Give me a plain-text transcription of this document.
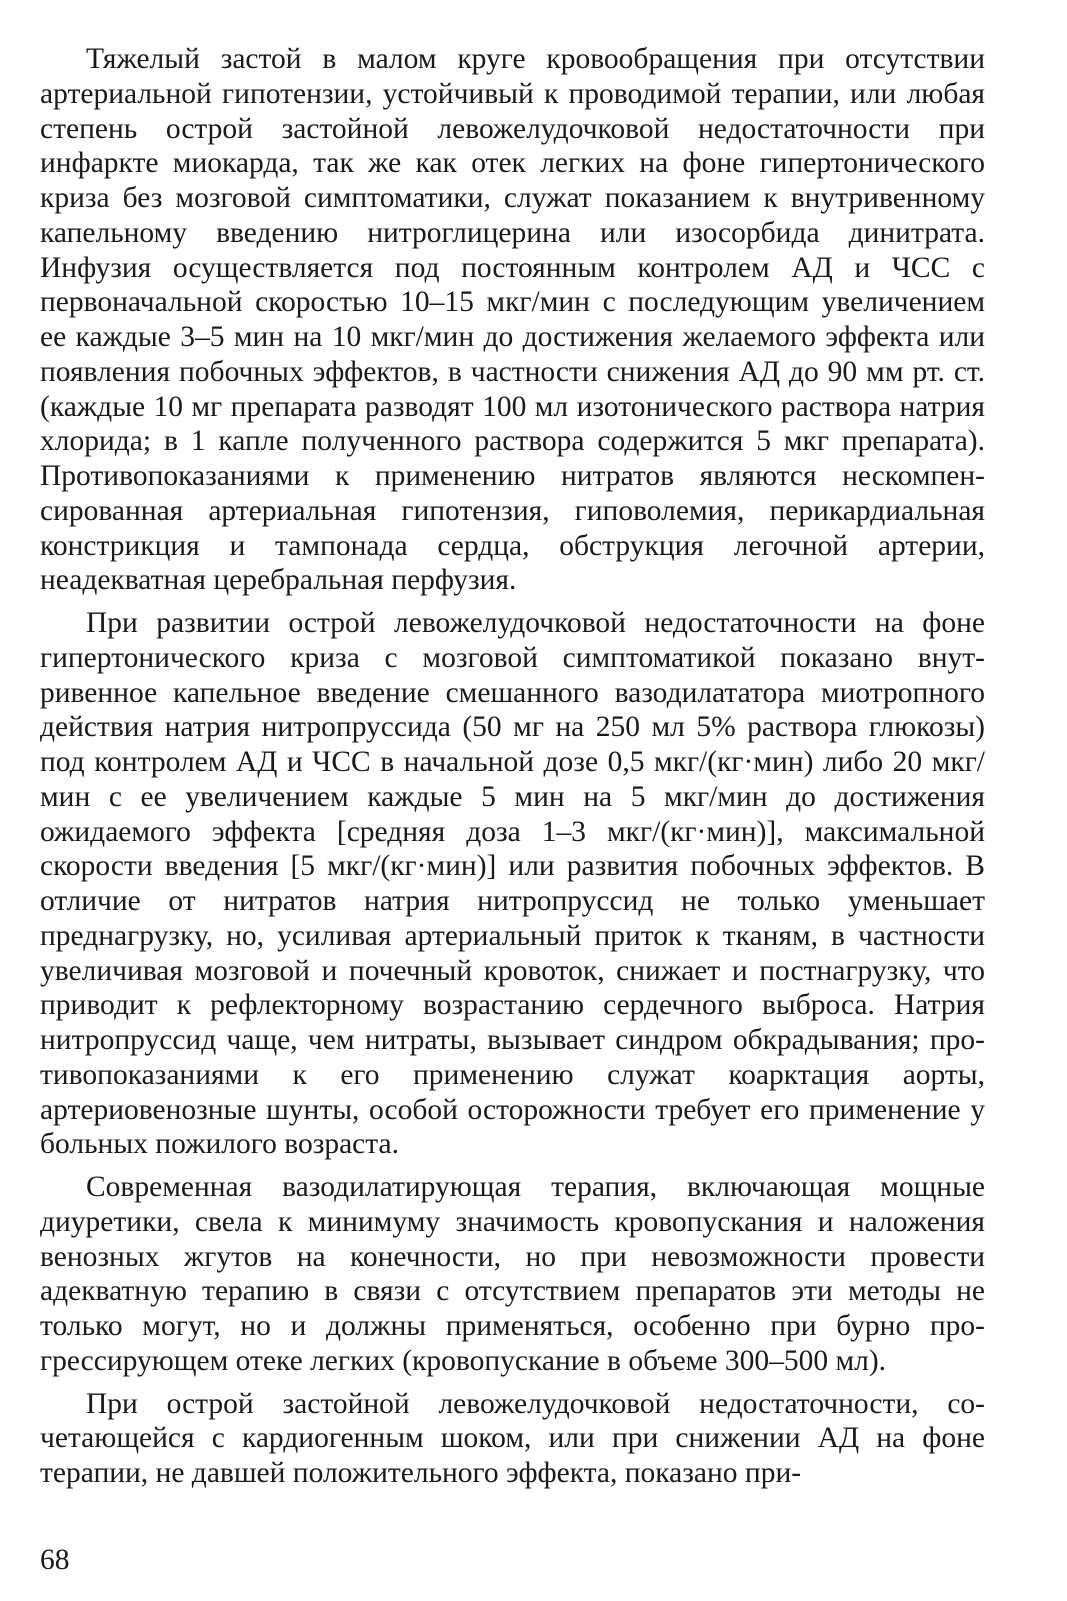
Тяжелый застой в малом круге кровообращения при отсутствии артериальной гипотензии, устойчивый к проводимой терапии, или любая степень острой застойной левожелудочковой недостаточности при инфаркте миокарда, так же как отек легких на фоне гипертонического криза без мозговой симптоматики, служат показанием к внутривенному капельному введению нитроглицерина или изосорбида динитрата. Инфузия осуществляется под постоянным контролем АД и ЧСС с первоначальной скоростью 10–15 мкг/мин с последующим увеличением ее каждые 3–5 мин на 10 мкг/мин до достижения желаемого эффекта или появления побочных эффектов, в частности снижения АД до 90 мм рт. ст. (каждые 10 мг препарата разводят 100 мл изотонического раствора натрия хлорида; в 1 капле полученного раствора содержится 5 мкг препарата). Противопоказаниями к применению нитратов являются нескомпенсированная артериальная гипотензия, гиповолемия, перикардиальная констрикция и тампонада сердца, обструкция легочной артерии, неадекватная церебральная перфузия.

При развитии острой левожелудочковой недостаточности на фоне гипертонического криза с мозговой симптоматикой показано внутривенное капельное введение смешанного вазодилататора миотропного действия натрия нитропруссида (50 мг на 250 мл 5% раствора глюкозы) под контролем АД и ЧСС в начальной дозе 0,5 мкг/(кг·мин) либо 20 мкг/мин с ее увеличением каждые 5 мин на 5 мкг/мин до достижения ожидаемого эффекта [средняя доза 1–3 мкг/(кг·мин)], максимальной скорости введения [5 мкг/(кг·мин)] или развития побочных эффектов. В отличие от нитратов натрия нитропруссид не только уменьшает преднагрузку, но, усиливая артериальный приток к тканям, в частности увеличивая мозговой и почечный кровоток, снижает и постнагрузку, что приводит к рефлекторному возрастанию сердечного выброса. Натрия нитропруссид чаще, чем нитраты, вызывает синдром обкрадывания; противопоказаниями к его применению служат коарктация аорты, артериовенозные шунты, особой осторожности требует его применение у больных пожилого возраста.

Современная вазодилатирующая терапия, включающая мощные диуретики, свела к минимуму значимость кровопускания и наложения венозных жгутов на конечности, но при невозможности провести адекватную терапию в связи с отсутствием препаратов эти методы не только могут, но и должны применяться, особенно при бурно прогрессирующем отеке легких (кровопускание в объеме 300–500 мл).

При острой застойной левожелудочковой недостаточности, сочетающейся с кардиогенным шоком, или при снижении АД на фоне терапии, не давшей положительного эффекта, показано при-

68
